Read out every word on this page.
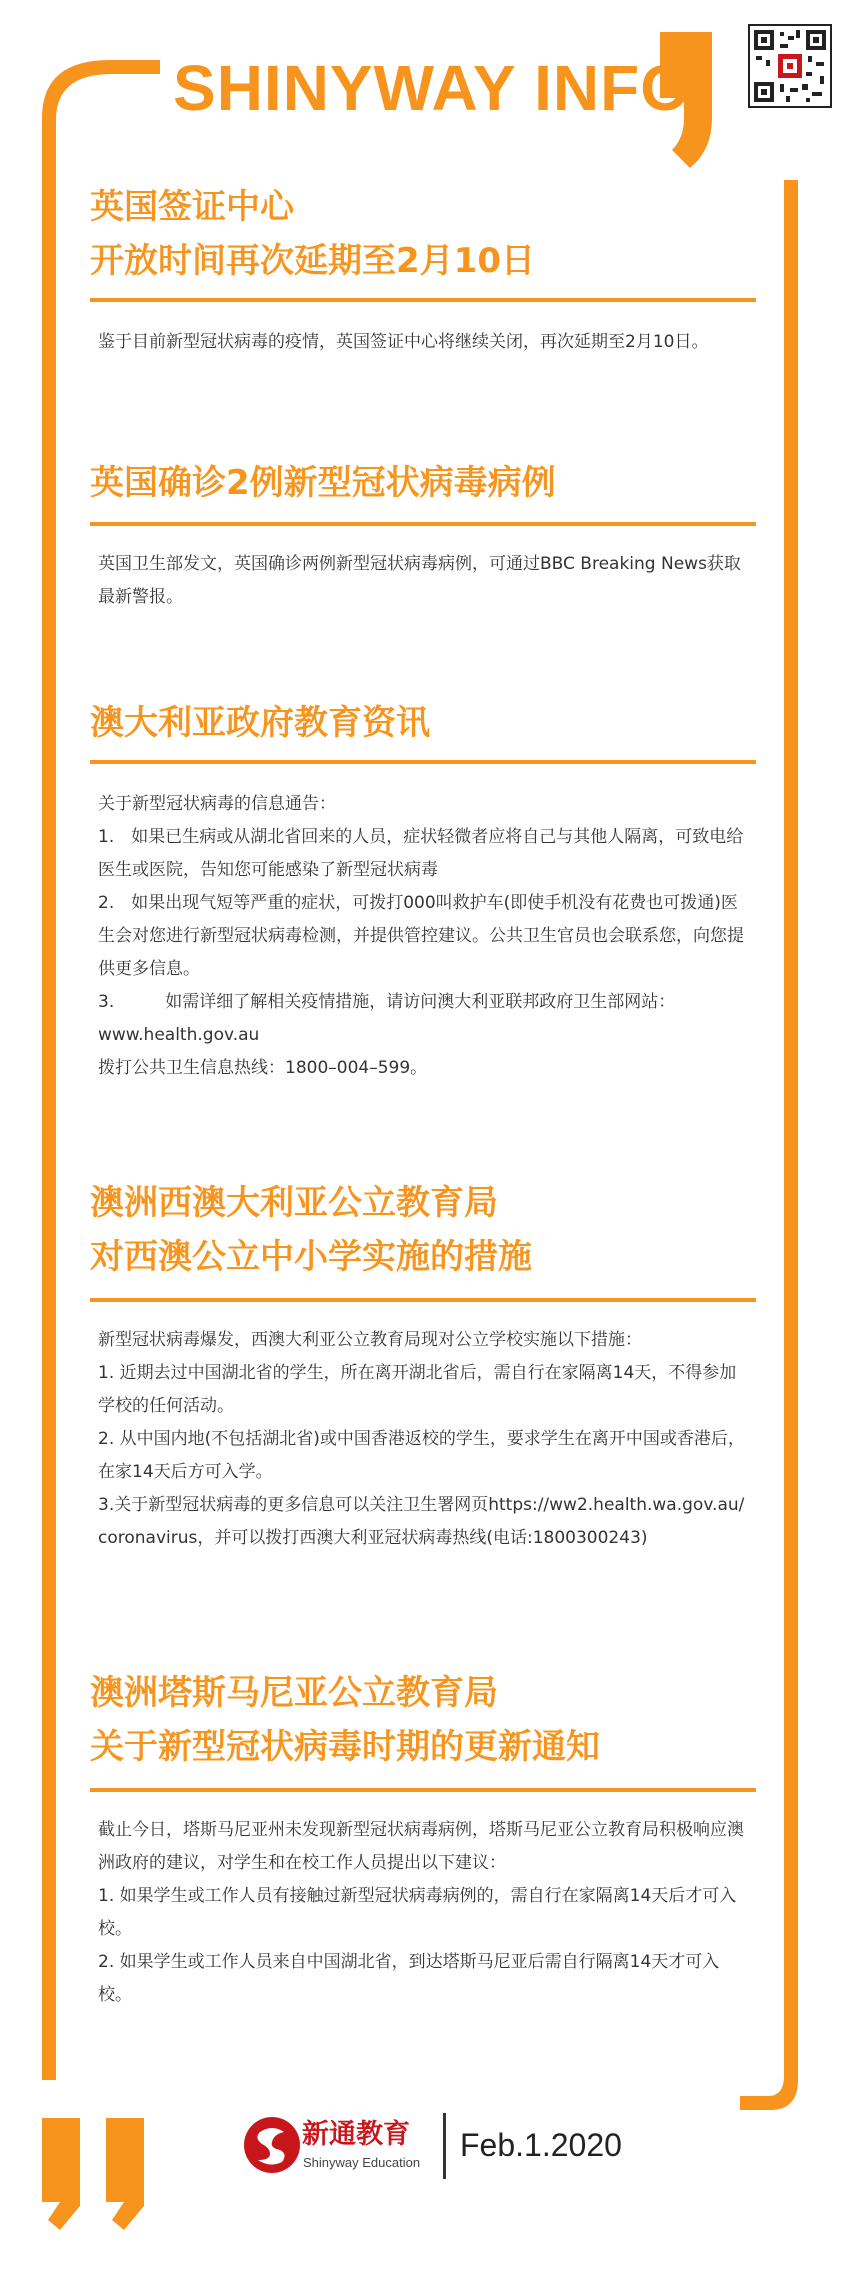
SHINYWAY INFO
英国签证中心
开放时间再次延期至2月10日

鉴于目前新型冠状病毒的疫情，英国签证中心将继续关闭，再次延期至2月10日。

英国确诊2例新型冠状病毒病例

英国卫生部发文，英国确诊两例新型冠状病毒病例，可通过BBC Breaking News获取最新警报。

澳大利亚政府教育资讯

关于新型冠状病毒的信息通告：

1.　如果已生病或从湖北省回来的人员，症状轻微者应将自己与其他人隔离，可致电给医生或医院，告知您可能感染了新型冠状病毒

2.　如果出现气短等严重的症状，可拨打000叫救护车(即使手机没有花费也可拨通)医生会对您进行新型冠状病毒检测，并提供管控建议。公共卫生官员也会联系您，向您提供更多信息。

3.　　　如需详细了解相关疫情措施，请访问澳大利亚联邦政府卫生部网站：www.health.gov.au

拨打公共卫生信息热线：1800–004–599。

澳洲西澳大利亚公立教育局
对西澳公立中小学实施的措施

新型冠状病毒爆发，西澳大利亚公立教育局现对公立学校实施以下措施：

1. 近期去过中国湖北省的学生，所在离开湖北省后，需自行在家隔离14天，不得参加学校的任何活动。

2. 从中国内地(不包括湖北省)或中国香港返校的学生，要求学生在离开中国或香港后，在家14天后方可入学。

3.关于新型冠状病毒的更多信息可以关注卫生署网页https://ww2.health.wa.gov.au/coronavirus，并可以拨打西澳大利亚冠状病毒热线(电话:1800300243)

澳洲塔斯马尼亚公立教育局
关于新型冠状病毒时期的更新通知

截止今日，塔斯马尼亚州未发现新型冠状病毒病例，塔斯马尼亚公立教育局积极响应澳洲政府的建议，对学生和在校工作人员提出以下建议：

1. 如果学生或工作人员有接触过新型冠状病毒病例的，需自行在家隔离14天后才可入校。

2. 如果学生或工作人员来自中国湖北省，到达塔斯马尼亚后需自行隔离14天才可入校。

新通教育
Shinyway Education Feb.1.2020
